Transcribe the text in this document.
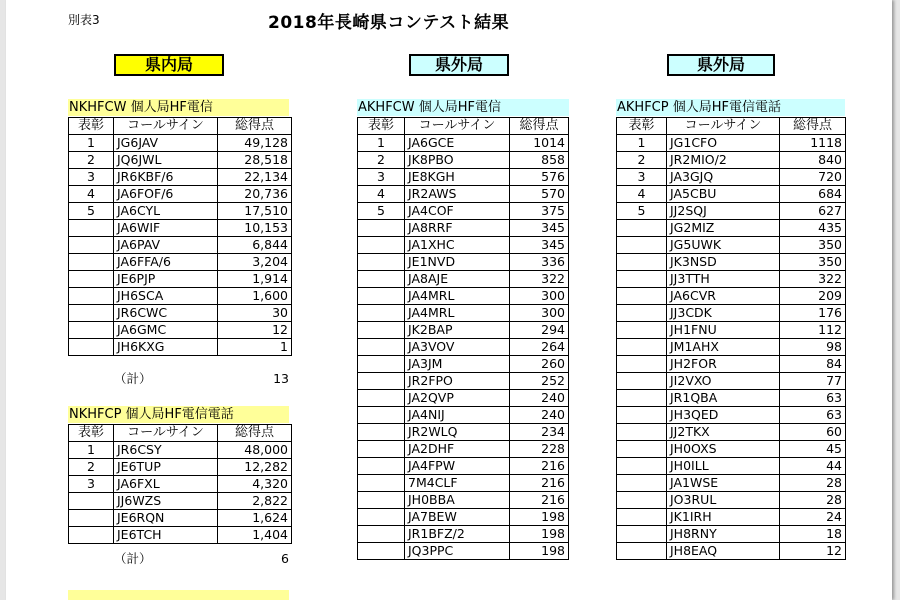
別表3	2018年長崎県コンテスト結果
県内局	県外局	県外局
NKHFCW 個人局HF電信
表彰	コールサイン	総得点
1	JG6JAV	49,128
2	JQ6JWL	28,518
3	JR6KBF/6	22,134
4	JA6FOF/6	20,736
5	JA6CYL	17,510
	JA6WIF	10,153
	JA6PAV	6,844
	JA6FFA/6	3,204
	JE6PJP	1,914
	JH6SCA	1,600
	JR6CWC	30
	JA6GMC	12
	JH6KXG	1
（計）	13
NKHFCP 個人局HF電信電話
表彰	コールサイン	総得点
1	JR6CSY	48,000
2	JE6TUP	12,282
3	JA6FXL	4,320
	JJ6WZS	2,822
	JE6RQN	1,624
	JE6TCH	1,404
（計）	6
AKHFCW 個人局HF電信
表彰	コールサイン	総得点
1	JA6GCE	1014
2	JK8PBO	858
3	JE8KGH	576
4	JR2AWS	570
5	JA4COF	375
	JA8RRF	345
	JA1XHC	345
	JE1NVD	336
	JA8AJE	322
	JA4MRL	300
	JA4MRL	300
	JK2BAP	294
	JA3VOV	264
	JA3JM	260
	JR2FPO	252
	JA2QVP	240
	JA4NIJ	240
	JR2WLQ	234
	JA2DHF	228
	JA4FPW	216
	7M4CLF	216
	JH0BBA	216
	JA7BEW	198
	JR1BFZ/2	198
	JQ3PPC	198
AKHFCP 個人局HF電信電話
表彰	コールサイン	総得点
1	JG1CFO	1118
2	JR2MIO/2	840
3	JA3GJQ	720
4	JA5CBU	684
5	JJ2SQJ	627
	JG2MIZ	435
	JG5UWK	350
	JK3NSD	350
	JJ3TTH	322
	JA6CVR	209
	JJ3CDK	176
	JH1FNU	112
	JM1AHX	98
	JH2FOR	84
	JI2VXO	77
	JR1QBA	63
	JH3QED	63
	JJ2TKX	60
	JH0OXS	45
	JH0ILL	44
	JA1WSE	28
	JO3RUL	28
	JK1IRH	24
	JH8RNY	18
	JH8EAQ	12
